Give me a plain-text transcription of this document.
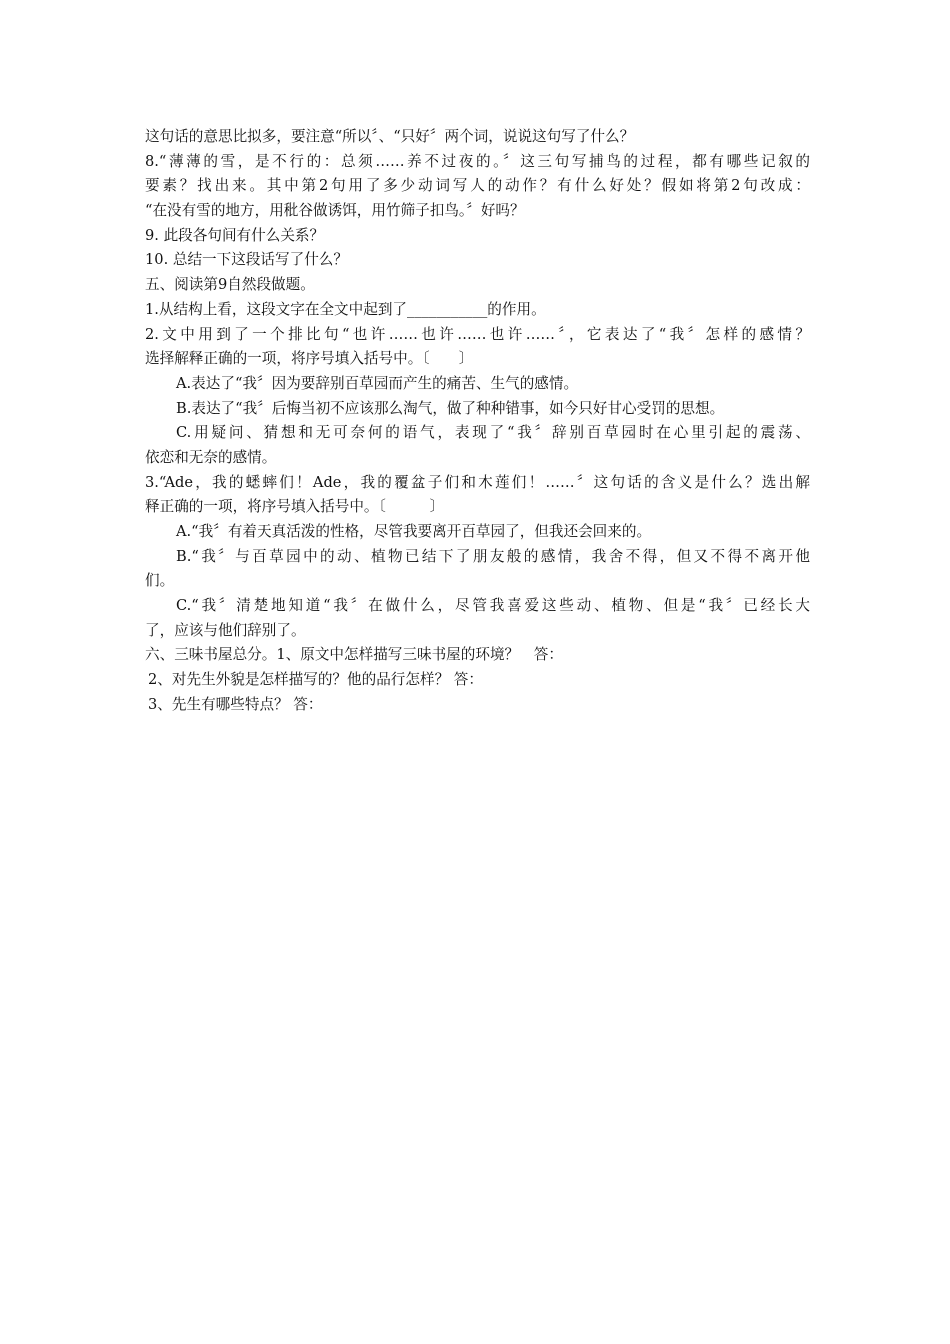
这句话的意思比拟多，要注意“所以〞、“只好〞两个词，说说这句写了什么？
8.“薄薄的雪，是不行的：总须……养不过夜的。〞这三句写捕鸟的过程，都有哪些记叙的
要素？找出来。其中第2句用了多少动词写人的动作？有什么好处？假如将第2句改成：
“在没有雪的地方，用秕谷做诱饵，用竹筛子扣鸟。〞好吗？
9. 此段各句间有什么关系？
10. 总结一下这段话写了什么？
五、阅读第9自然段做题。
1.从结构上看，这段文字在全文中起到了___________的作用。
2.文中用到了一个排比句“也许……也许……也许……〞，它表达了“我〞怎样的感情？
选择解释正确的一项，将序号填入括号中。〔　　〕
A.表达了“我〞因为要辞别百草园而产生的痛苦、生气的感情。
B.表达了“我〞后悔当初不应该那么淘气，做了种种错事，如今只好甘心受罚的思想。
C.用疑问、猜想和无可奈何的语气，表现了“我〞辞别百草园时在心里引起的震荡、
依恋和无奈的感情。
3.“Ade，我的蟋蟀们！Ade，我的覆盆子们和木莲们！……〞这句话的含义是什么？选出解
释正确的一项，将序号填入括号中。〔　　　〕
A.“我〞有着天真活泼的性格，尽管我要离开百草园了，但我还会回来的。
B.“我〞与百草园中的动、植物已结下了朋友般的感情，我舍不得，但又不得不离开他
们。
C.“我〞清楚地知道“我〞在做什么，尽管我喜爱这些动、植物、但是“我〞已经长大
了，应该与他们辞别了。
六、三味书屋总分。1、原文中怎样描写三味书屋的环境？　答：
2、对先生外貌是怎样描写的？他的品行怎样？ 答：
3、先生有哪些特点？ 答：
